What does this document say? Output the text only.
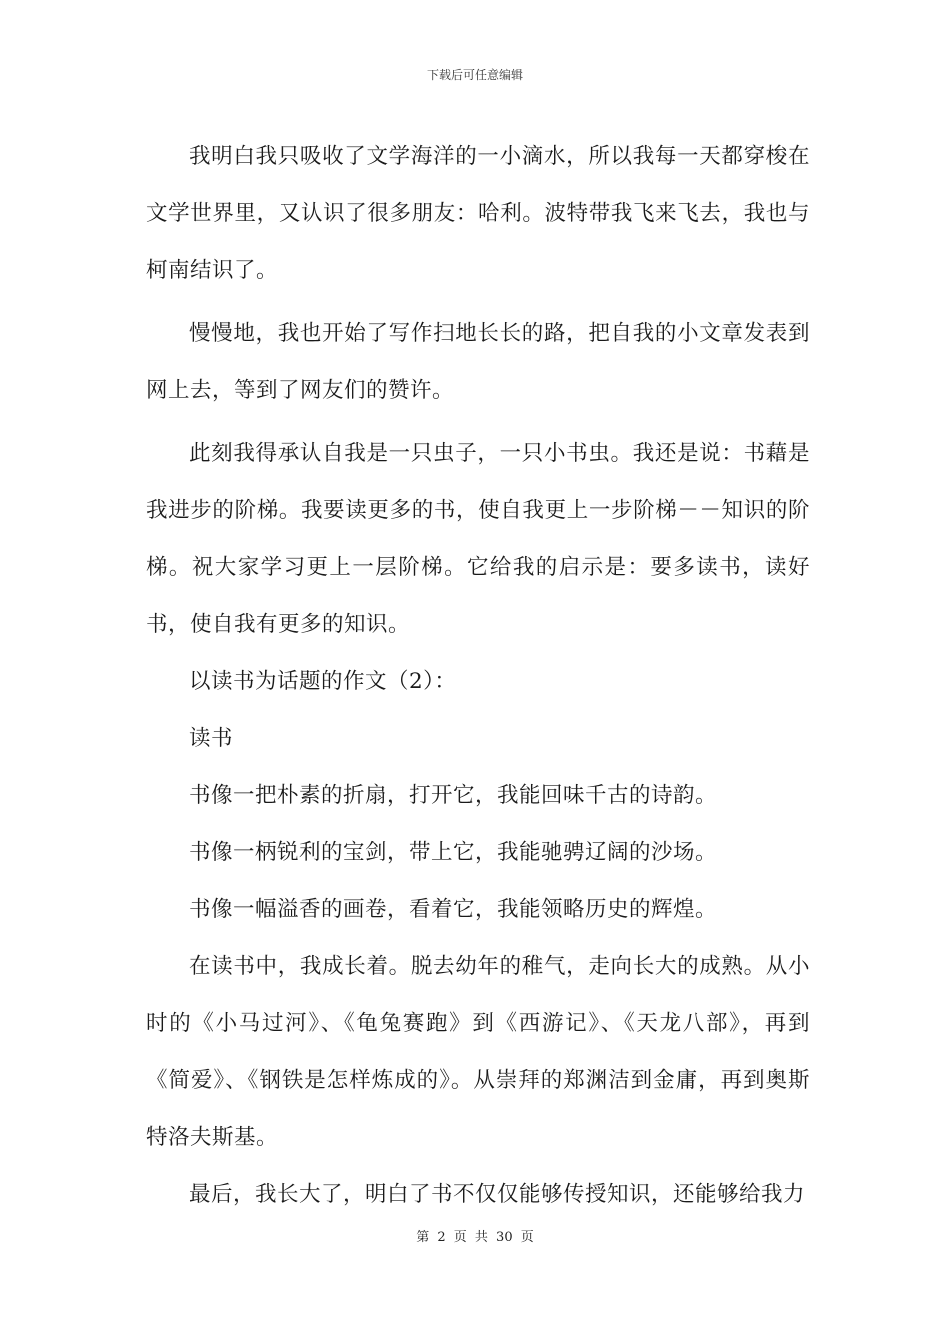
下载后可任意编辑

我明白我只吸收了文学海洋的一小滴水，所以我每一天都穿梭在文学世界里，又认识了很多朋友：哈利。波特带我飞来飞去，我也与柯南结识了。

慢慢地，我也开始了写作扫地长长的路，把自我的小文章发表到网上去，等到了网友们的赞许。

此刻我得承认自我是一只虫子，一只小书虫。我还是说：书藉是我进步的阶梯。我要读更多的书，使自我更上一步阶梯－－知识的阶梯。祝大家学习更上一层阶梯。它给我的启示是：要多读书，读好书，使自我有更多的知识。

以读书为话题的作文（2）：

读书

书像一把朴素的折扇，打开它，我能回味千古的诗韵。

书像一柄锐利的宝剑，带上它，我能驰骋辽阔的沙场。

书像一幅溢香的画卷，看着它，我能领略历史的辉煌。

在读书中，我成长着。脱去幼年的稚气，走向长大的成熟。从小时的《小马过河》、《龟兔赛跑》到《西游记》、《天龙八部》，再到《简爱》、《钢铁是怎样炼成的》。从崇拜的郑渊洁到金庸，再到奥斯特洛夫斯基。

最后，我长大了，明白了书不仅仅能够传授知识，还能够给我力

第 2 页 共 30 页
